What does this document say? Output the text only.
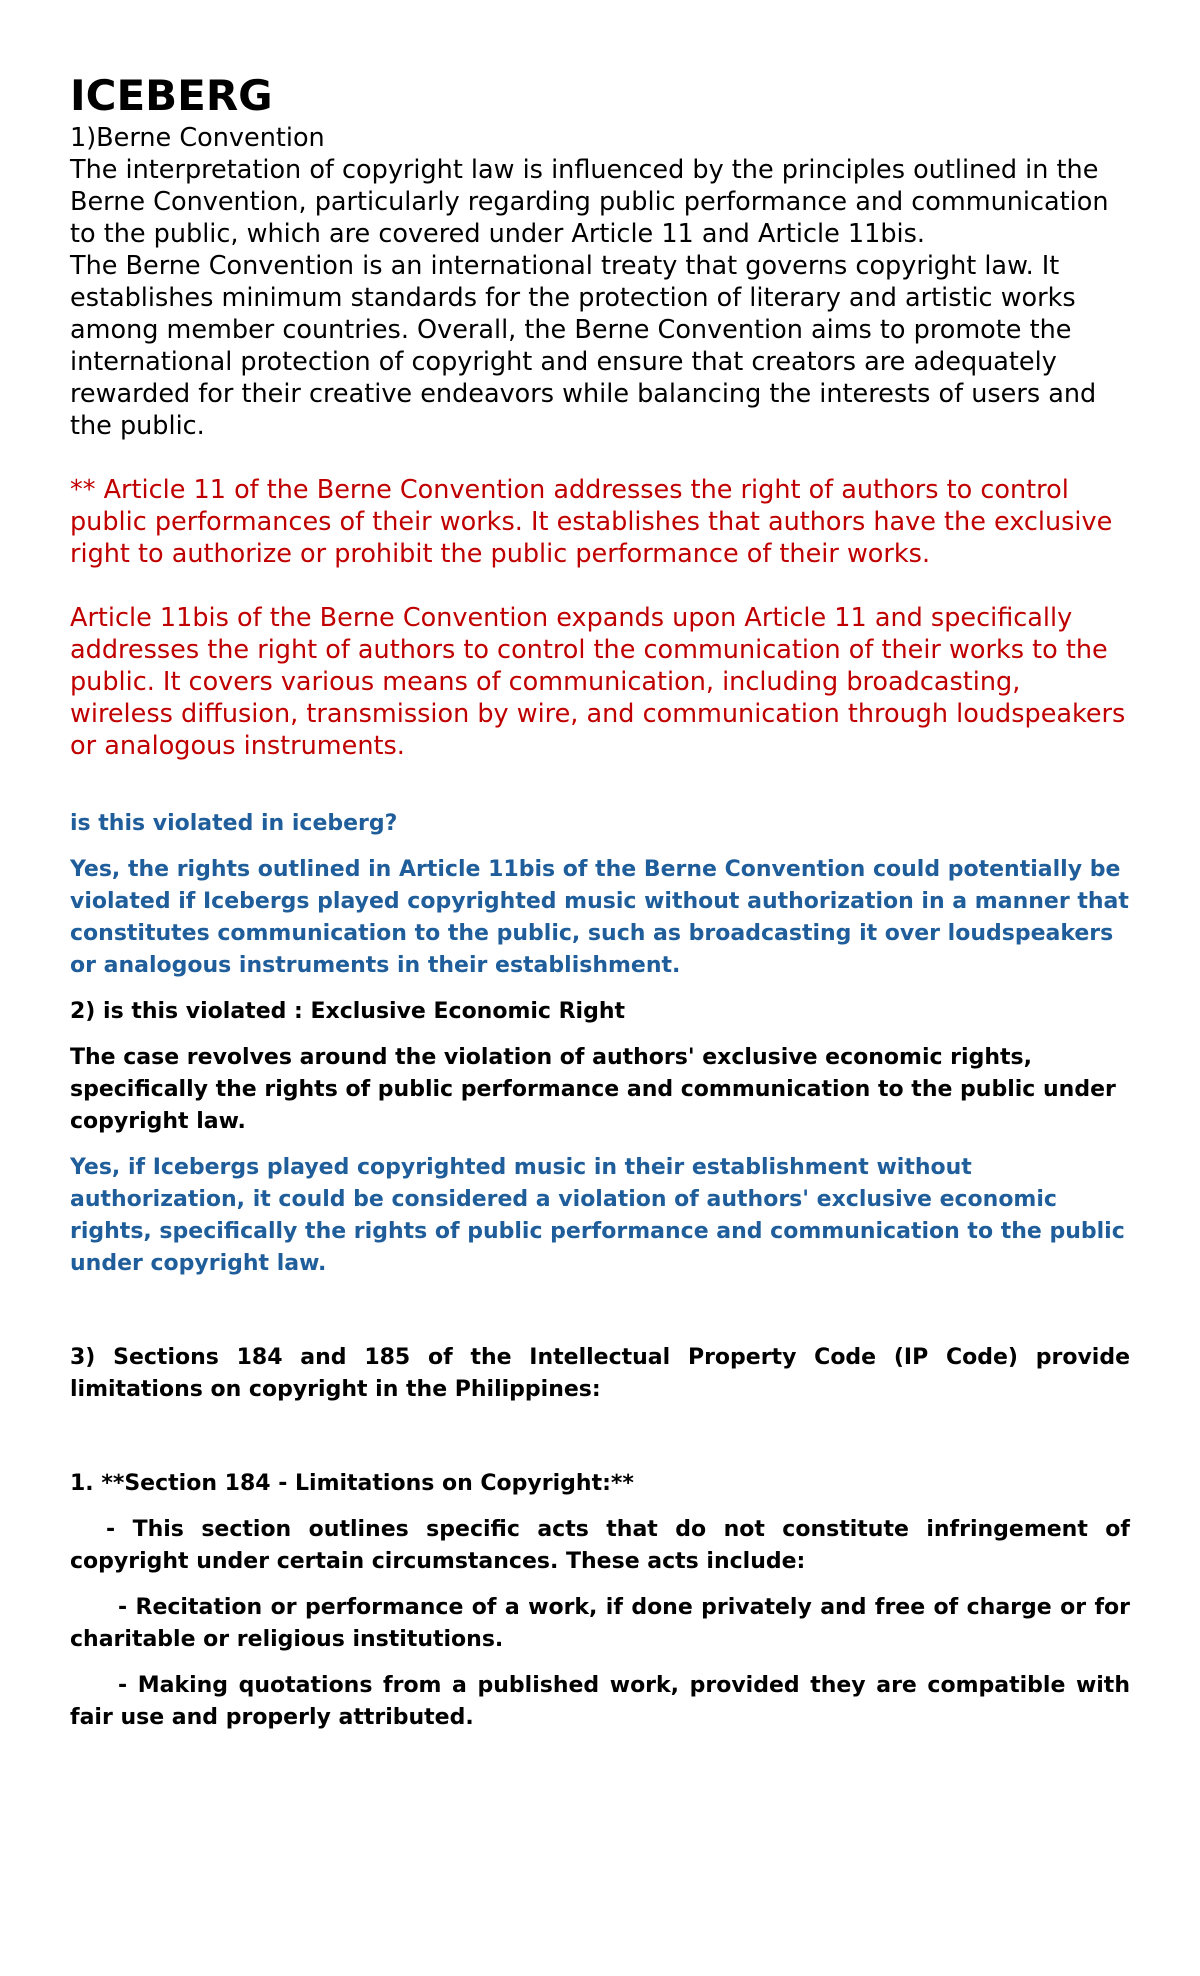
ICEBERG

1)Berne Convention

The interpretation of copyright law is influenced by the principles outlined in the Berne Convention, particularly regarding public performance and communication to the public, which are covered under Article 11 and Article 11bis.

The Berne Convention is an international treaty that governs copyright law. It establishes minimum standards for the protection of literary and artistic works among member countries. Overall, the Berne Convention aims to promote the international protection of copyright and ensure that creators are adequately rewarded for their creative endeavors while balancing the interests of users and the public.

** Article 11 of the Berne Convention addresses the right of authors to control public performances of their works. It establishes that authors have the exclusive right to authorize or prohibit the public performance of their works.

Article 11bis of the Berne Convention expands upon Article 11 and specifically addresses the right of authors to control the communication of their works to the public. It covers various means of communication, including broadcasting, wireless diffusion, transmission by wire, and communication through loudspeakers or analogous instruments.

is this violated in iceberg?

Yes, the rights outlined in Article 11bis of the Berne Convention could potentially be violated if Icebergs played copyrighted music without authorization in a manner that constitutes communication to the public, such as broadcasting it over loudspeakers or analogous instruments in their establishment.

2) is this violated : Exclusive Economic Right

The case revolves around the violation of authors' exclusive economic rights, specifically the rights of public performance and communication to the public under copyright law.

Yes, if Icebergs played copyrighted music in their establishment without authorization, it could be considered a violation of authors' exclusive economic rights, specifically the rights of public performance and communication to the public under copyright law.

3) Sections 184 and 185 of the Intellectual Property Code (IP Code) provide limitations on copyright in the Philippines:

1. **Section 184 - Limitations on Copyright:**

- This section outlines specific acts that do not constitute infringement of copyright under certain circumstances. These acts include:

- Recitation or performance of a work, if done privately and free of charge or for charitable or religious institutions.

- Making quotations from a published work, provided they are compatible with fair use and properly attributed.
